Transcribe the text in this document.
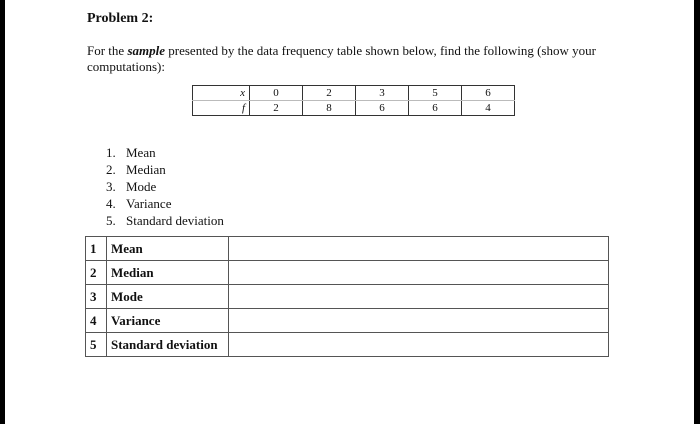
Problem 2:
For the sample presented by the data frequency table shown below, find the following (show your computations):
x	0	2	3	5	6
f	2	8	6	6	4
1. Mean
2. Median
3. Mode
4. Variance
5. Standard deviation
1	Mean	
2	Median	
3	Mode	
4	Variance	
5	Standard deviation	
